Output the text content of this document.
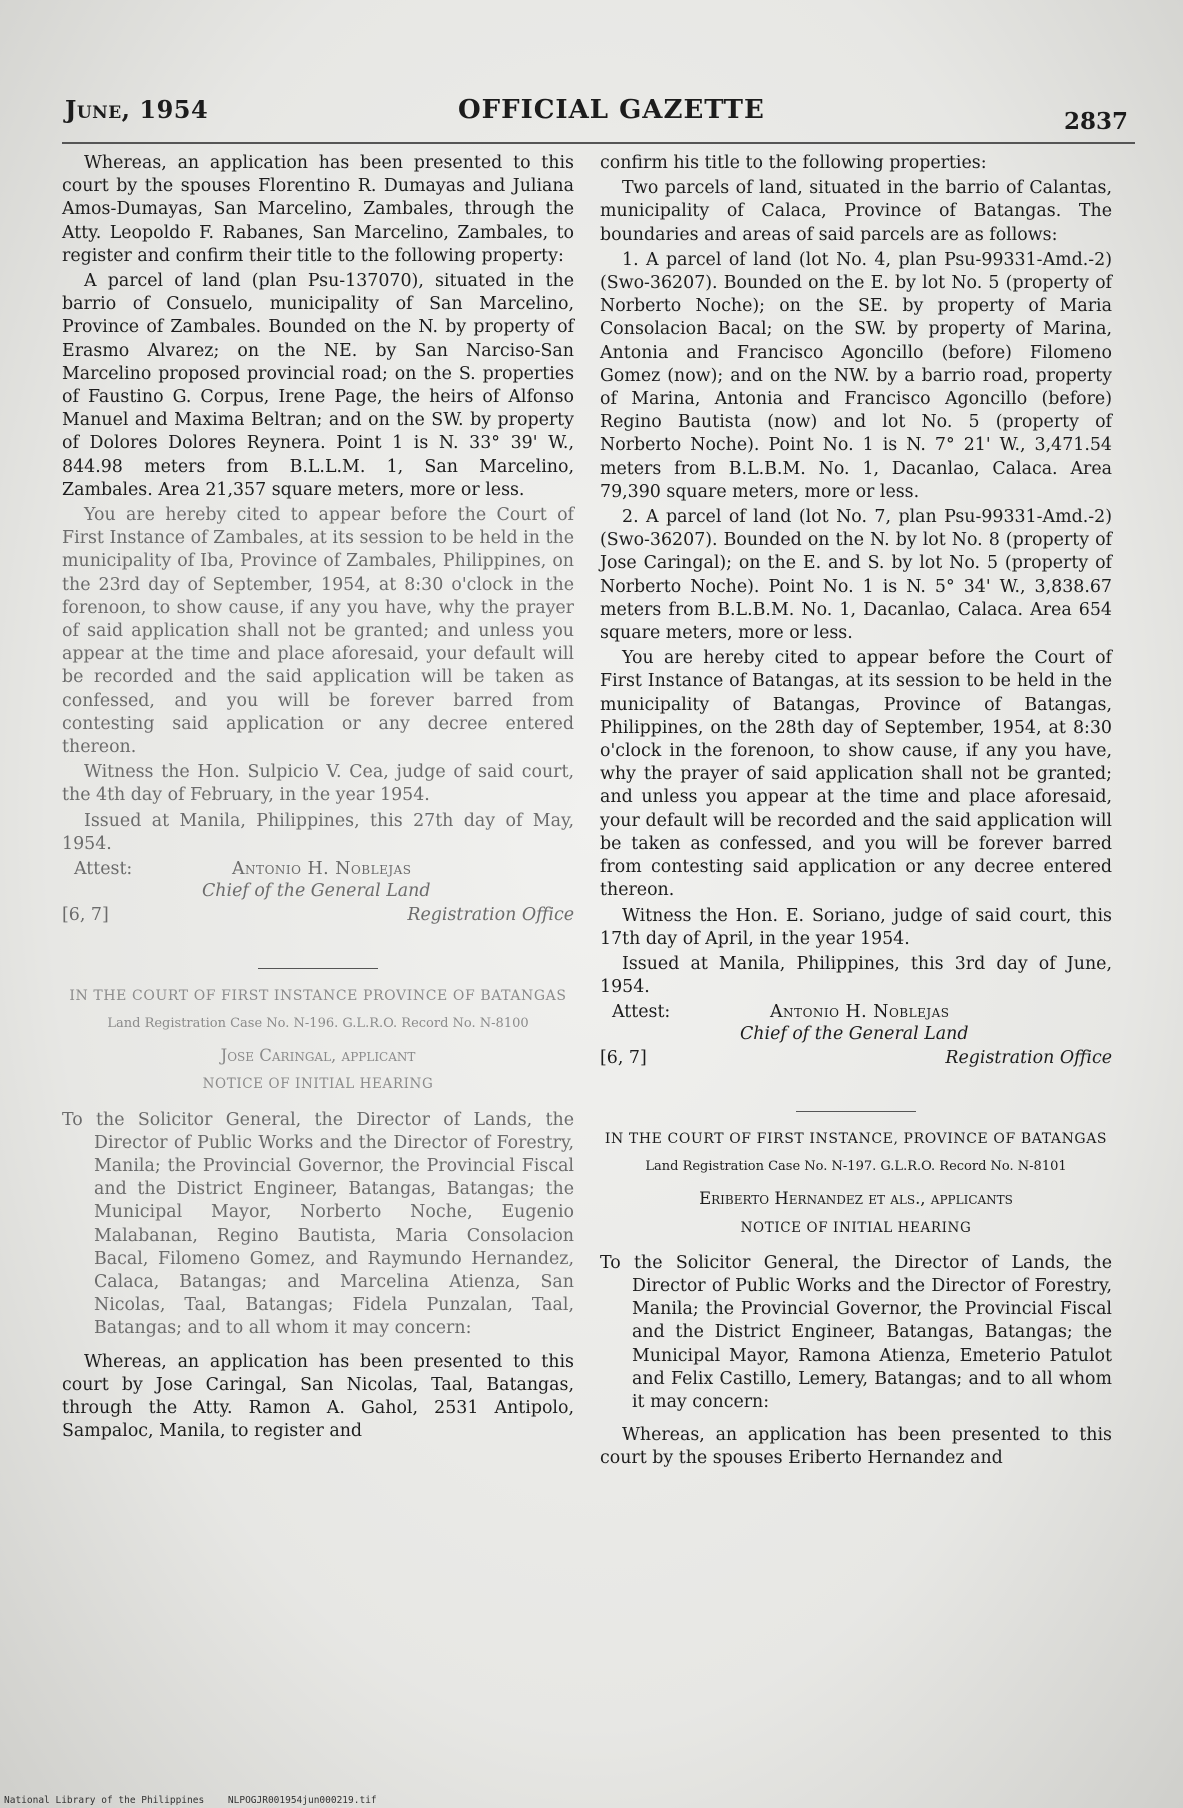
June, 1954	OFFICIAL GAZETTE	2837

Whereas, an application has been presented to this court by the spouses Florentino R. Dumayas and Juliana Amos-Dumayas, San Marcelino, Zambales, through the Atty. Leopoldo F. Rabanes, San Marcelino, Zambales, to register and confirm their title to the following property:

A parcel of land (plan Psu-137070), situated in the barrio of Consuelo, municipality of San Marcelino, Province of Zambales. Bounded on the N. by property of Erasmo Alvarez; on the NE. by San Narciso-San Marcelino proposed provincial road; on the S. properties of Faustino G. Corpus, Irene Page, the heirs of Alfonso Manuel and Maxima Beltran; and on the SW. by property of Dolores Dolores Reynera. Point 1 is N. 33° 39' W., 844.98 meters from B.L.L.M. 1, San Marcelino, Zambales. Area 21,357 square meters, more or less.

You are hereby cited to appear before the Court of First Instance of Zambales, at its session to be held in the municipality of Iba, Province of Zambales, Philippines, on the 23rd day of September, 1954, at 8:30 o'clock in the forenoon, to show cause, if any you have, why the prayer of said application shall not be granted; and unless you appear at the time and place aforesaid, your default will be recorded and the said application will be taken as confessed, and you will be forever barred from contesting said application or any decree entered thereon.

Witness the Hon. Sulpicio V. Cea, judge of said court, the 4th day of February, in the year 1954.

Issued at Manila, Philippines, this 27th day of May, 1954.

Attest:	Antonio H. Noblejas
Chief of the General Land
[6, 7]	Registration Office
IN THE COURT OF FIRST INSTANCE PROVINCE OF BATANGAS
Land Registration Case No. N-196. G.L.R.O. Record No. N-8100
Jose Caringal, applicant
NOTICE OF INITIAL HEARING
To the Solicitor General, the Director of Lands, the Director of Public Works and the Director of Forestry, Manila; the Provincial Governor, the Provincial Fiscal and the District Engineer, Batangas, Batangas; the Municipal Mayor, Norberto Noche, Eugenio Malabanan, Regino Bautista, Maria Consolacion Bacal, Filomeno Gomez, and Raymundo Hernandez, Calaca, Batangas; and Marcelina Atienza, San Nicolas, Taal, Batangas; Fidela Punzalan, Taal, Batangas; and to all whom it may concern:

Whereas, an application has been presented to this court by Jose Caringal, San Nicolas, Taal, Batangas, through the Atty. Ramon A. Gahol, 2531 Antipolo, Sampaloc, Manila, to register and

confirm his title to the following properties:

Two parcels of land, situated in the barrio of Calantas, municipality of Calaca, Province of Batangas. The boundaries and areas of said parcels are as follows:

1. A parcel of land (lot No. 4, plan Psu-99331-Amd.-2) (Swo-36207). Bounded on the E. by lot No. 5 (property of Norberto Noche); on the SE. by property of Maria Consolacion Bacal; on the SW. by property of Marina, Antonia and Francisco Agoncillo (before) Filomeno Gomez (now); and on the NW. by a barrio road, property of Marina, Antonia and Francisco Agoncillo (before) Regino Bautista (now) and lot No. 5 (property of Norberto Noche). Point No. 1 is N. 7° 21' W., 3,471.54 meters from B.L.B.M. No. 1, Dacanlao, Calaca. Area 79,390 square meters, more or less.

2. A parcel of land (lot No. 7, plan Psu-99331-Amd.-2) (Swo-36207). Bounded on the N. by lot No. 8 (property of Jose Caringal); on the E. and S. by lot No. 5 (property of Norberto Noche). Point No. 1 is N. 5° 34' W., 3,838.67 meters from B.L.B.M. No. 1, Dacanlao, Calaca. Area 654 square meters, more or less.

You are hereby cited to appear before the Court of First Instance of Batangas, at its session to be held in the municipality of Batangas, Province of Batangas, Philippines, on the 28th day of September, 1954, at 8:30 o'clock in the forenoon, to show cause, if any you have, why the prayer of said application shall not be granted; and unless you appear at the time and place aforesaid, your default will be recorded and the said application will be taken as confessed, and you will be forever barred from contesting said application or any decree entered thereon.

Witness the Hon. E. Soriano, judge of said court, this 17th day of April, in the year 1954.

Issued at Manila, Philippines, this 3rd day of June, 1954.

Attest:	Antonio H. Noblejas
Chief of the General Land
[6, 7]	Registration Office
IN THE COURT OF FIRST INSTANCE, PROVINCE OF BATANGAS
Land Registration Case No. N-197. G.L.R.O. Record No. N-8101
Eriberto Hernandez et als., applicants
NOTICE OF INITIAL HEARING
To the Solicitor General, the Director of Lands, the Director of Public Works and the Director of Forestry, Manila; the Provincial Governor, the Provincial Fiscal and the District Engineer, Batangas, Batangas; the Municipal Mayor, Ramona Atienza, Emeterio Patulot and Felix Castillo, Lemery, Batangas; and to all whom it may concern:

Whereas, an application has been presented to this court by the spouses Eriberto Hernandez and

National Library of the Philippines NLPOGJR001954jun000219.tif
